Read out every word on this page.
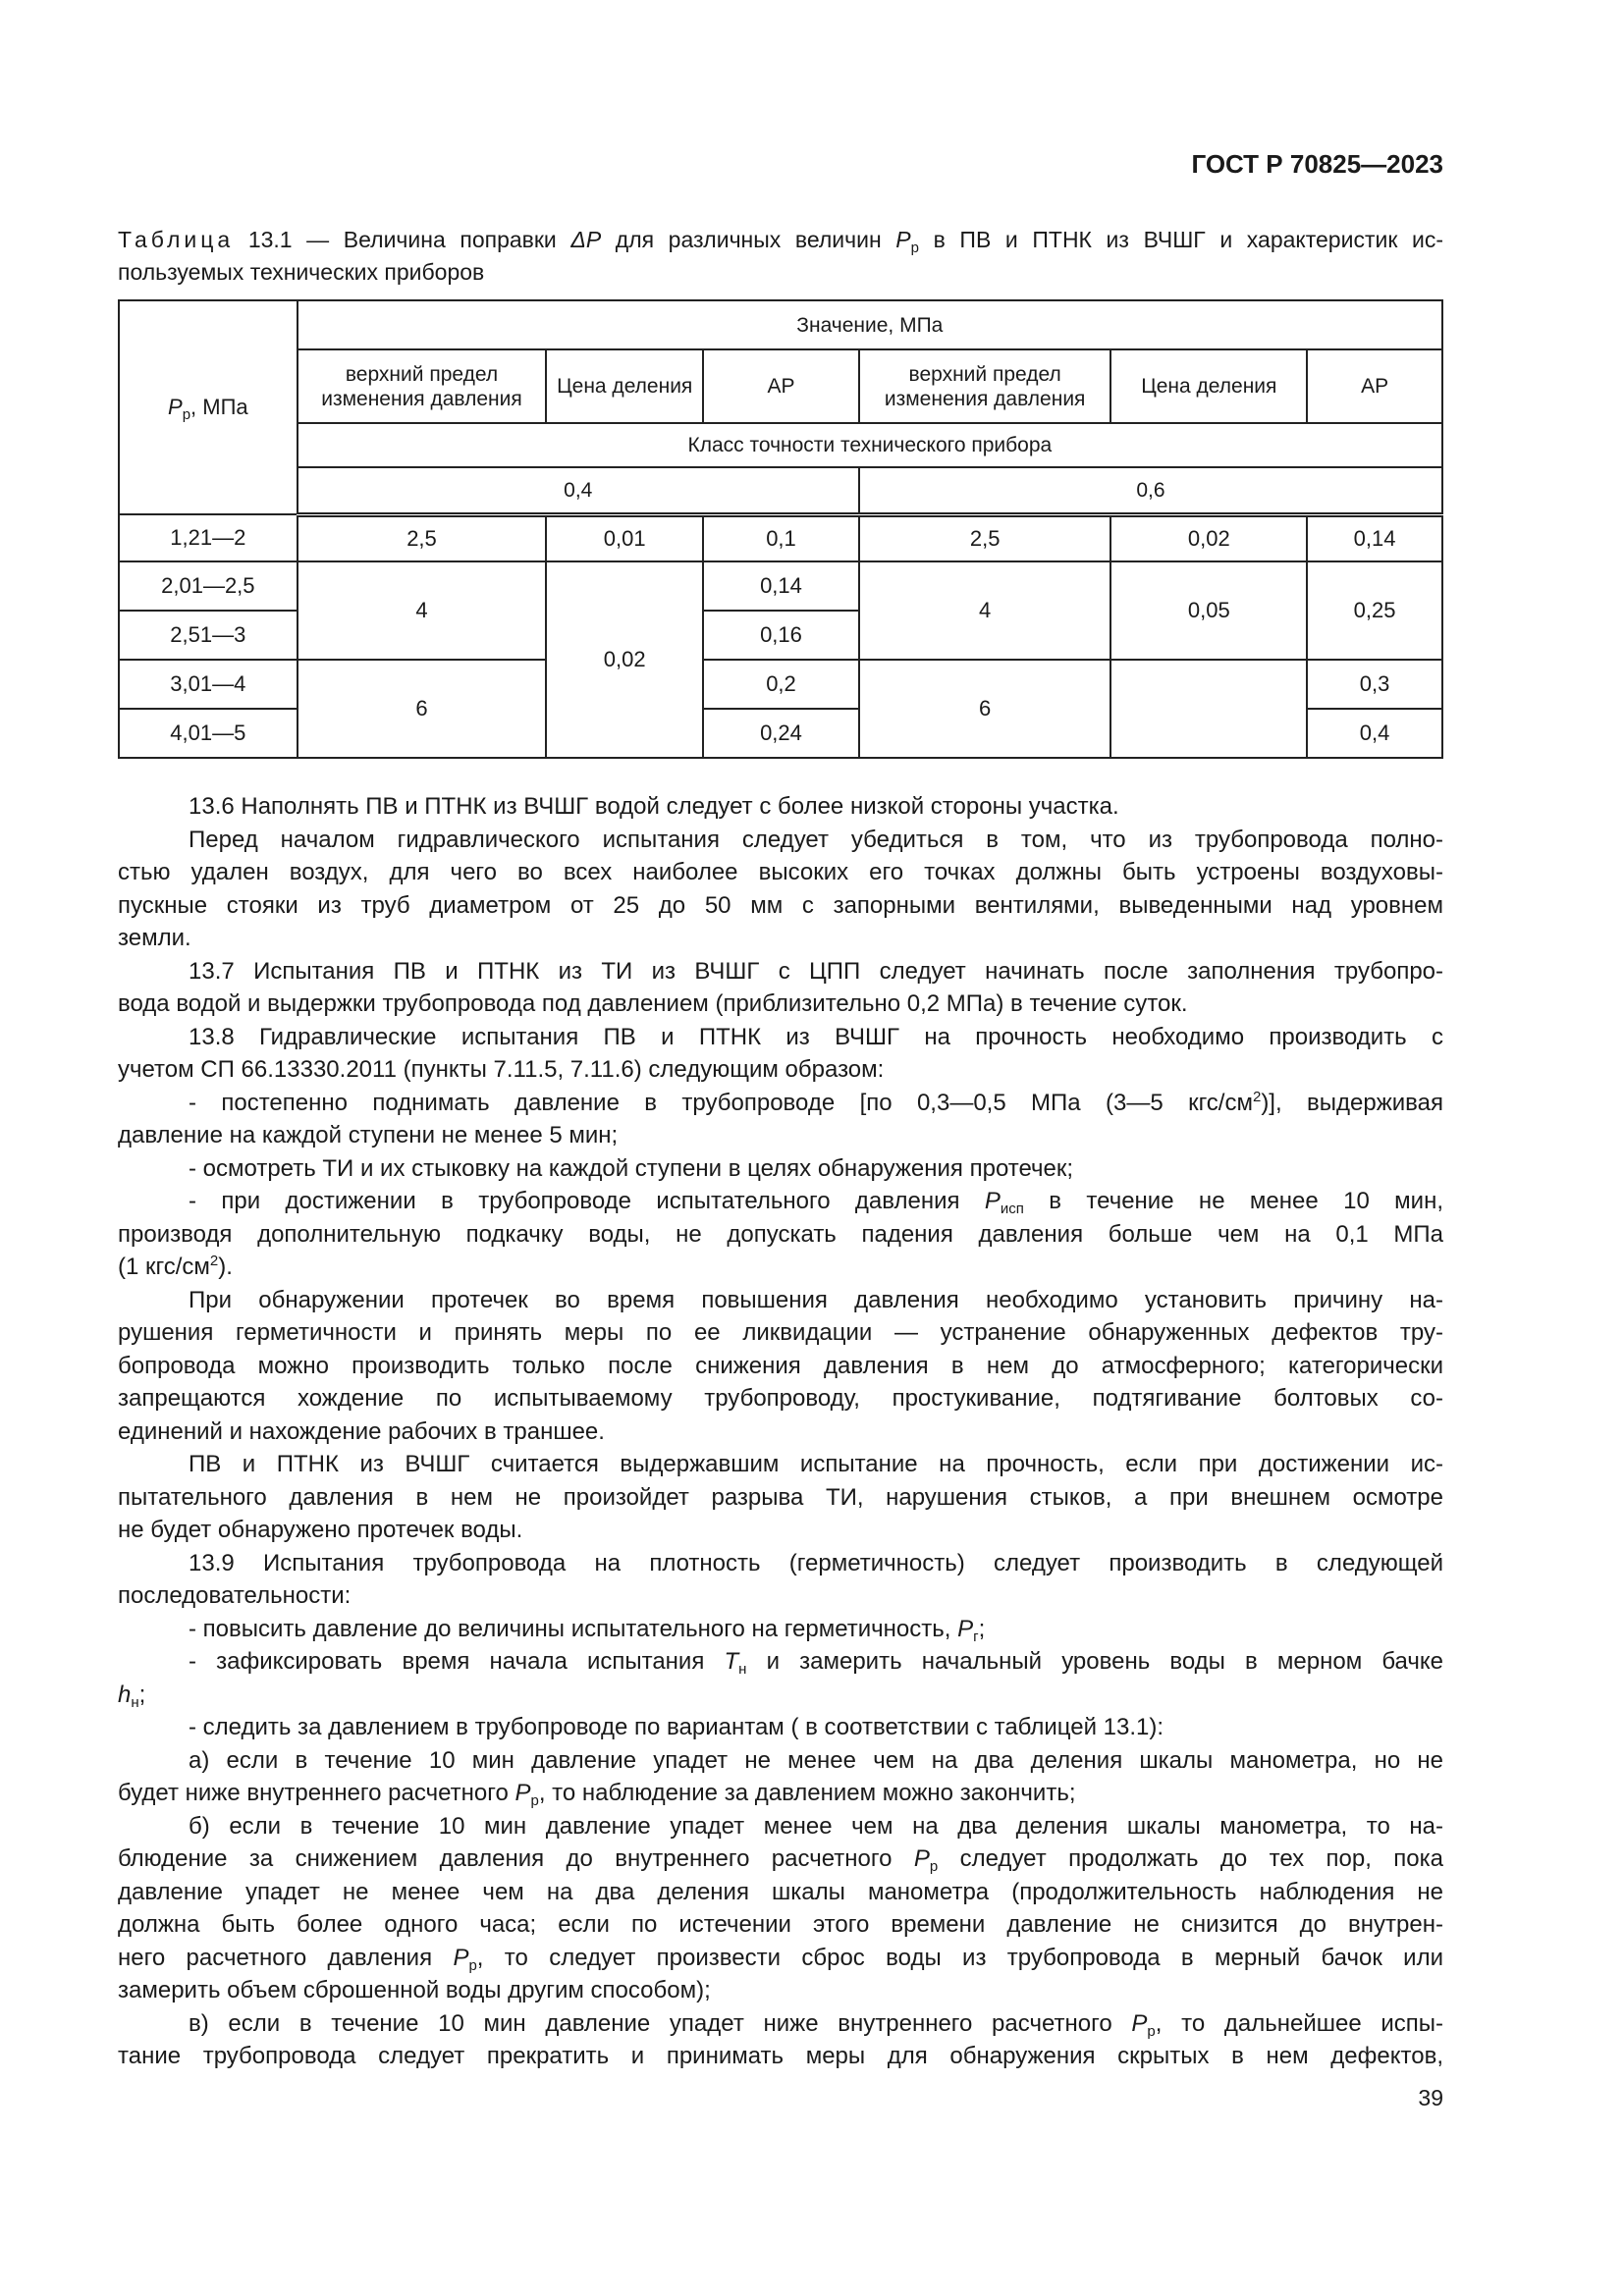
ГОСТ Р 70825—2023
Таблица 13.1 — Величина поправки ΔP для различных величин $P_р$ в ПВ и ПТНК из ВЧШГ и характеристик ис-
пользуемых технических приборов
$P_р$, МПа	Значение, МПа					
	верхний предел изменения давления	Цена деления	АР	верхний предел изменения давления	Цена деления	АР
	Класс точности технического прибора					
	0,4			0,6		
1,21—2	2,5	0,01	0,1	2,5	0,02	0,14
2,01—2,5	4	0,02	0,14	4	0,05	0,25
2,51—3			0,16			
3,01—4	6		0,2	6		0,3
4,01—5			0,24			0,4
13.6 Наполнять ПВ и ПТНК из ВЧШГ водой следует с более низкой стороны участка.
Перед началом гидравлического испытания следует убедиться в том, что из трубопровода полно-
стью удален воздух, для чего во всех наиболее высоких его точках должны быть устроены воздуховы-
пускные стояки из труб диаметром от 25 до 50 мм с запорными вентилями, выведенными над уровнем
земли.
13.7 Испытания ПВ и ПТНК из ТИ из ВЧШГ с ЦПП следует начинать после заполнения трубопро-
вода водой и выдержки трубопровода под давлением (приблизительно 0,2 МПа) в течение суток.
13.8 Гидравлические испытания ПВ и ПТНК из ВЧШГ на прочность необходимо производить с
учетом СП 66.13330.2011 (пункты 7.11.5, 7.11.6) следующим образом:
- постепенно поднимать давление в трубопроводе [по 0,3—0,5 МПа (3—5 кгс/$см^2$)], выдерживая
давление на каждой ступени не менее 5 мин;
- осмотреть ТИ и их стыковку на каждой ступени в целях обнаружения протечек;
- при достижении в трубопроводе испытательного давления $P_{исп}$ в течение не менее 10 мин,
производя дополнительную подкачку воды, не допускать падения давления больше чем на 0,1 МПа
(1 кгс/$см^2$).
При обнаружении протечек во время повышения давления необходимо установить причину на-
рушения герметичности и принять меры по ее ликвидации — устранение обнаруженных дефектов тру-
бопровода можно производить только после снижения давления в нем до атмосферного; категорически
запрещаются хождение по испытываемому трубопроводу, простукивание, подтягивание болтовых со-
единений и нахождение рабочих в траншее.
ПВ и ПТНК из ВЧШГ считается выдержавшим испытание на прочность, если при достижении ис-
пытательного давления в нем не произойдет разрыва ТИ, нарушения стыков, а при внешнем осмотре
не будет обнаружено протечек воды.
13.9 Испытания трубопровода на плотность (герметичность) следует производить в следующей
последовательности:
- повысить давление до величины испытательного на герметичность, $P_г$;
- зафиксировать время начала испытания $T_н$ и замерить начальный уровень воды в мерном бачке
$h_н$;
- следить за давлением в трубопроводе по вариантам ( в соответствии с таблицей 13.1):
а) если в течение 10 мин давление упадет не менее чем на два деления шкалы манометра, но не
будет ниже внутреннего расчетного $P_р$, то наблюдение за давлением можно закончить;
б) если в течение 10 мин давление упадет менее чем на два деления шкалы манометра, то на-
блюдение за снижением давления до внутреннего расчетного $P_р$ следует продолжать до тех пор, пока
давление упадет не менее чем на два деления шкалы манометра (продолжительность наблюдения не
должна быть более одного часа; если по истечении этого времени давление не снизится до внутрен-
него расчетного давления $P_р$, то следует произвести сброс воды из трубопровода в мерный бачок или
замерить объем сброшенной воды другим способом);
в) если в течение 10 мин давление упадет ниже внутреннего расчетного $P_р$, то дальнейшее испы-
тание трубопровода следует прекратить и принимать меры для обнаружения скрытых в нем дефектов,
39
